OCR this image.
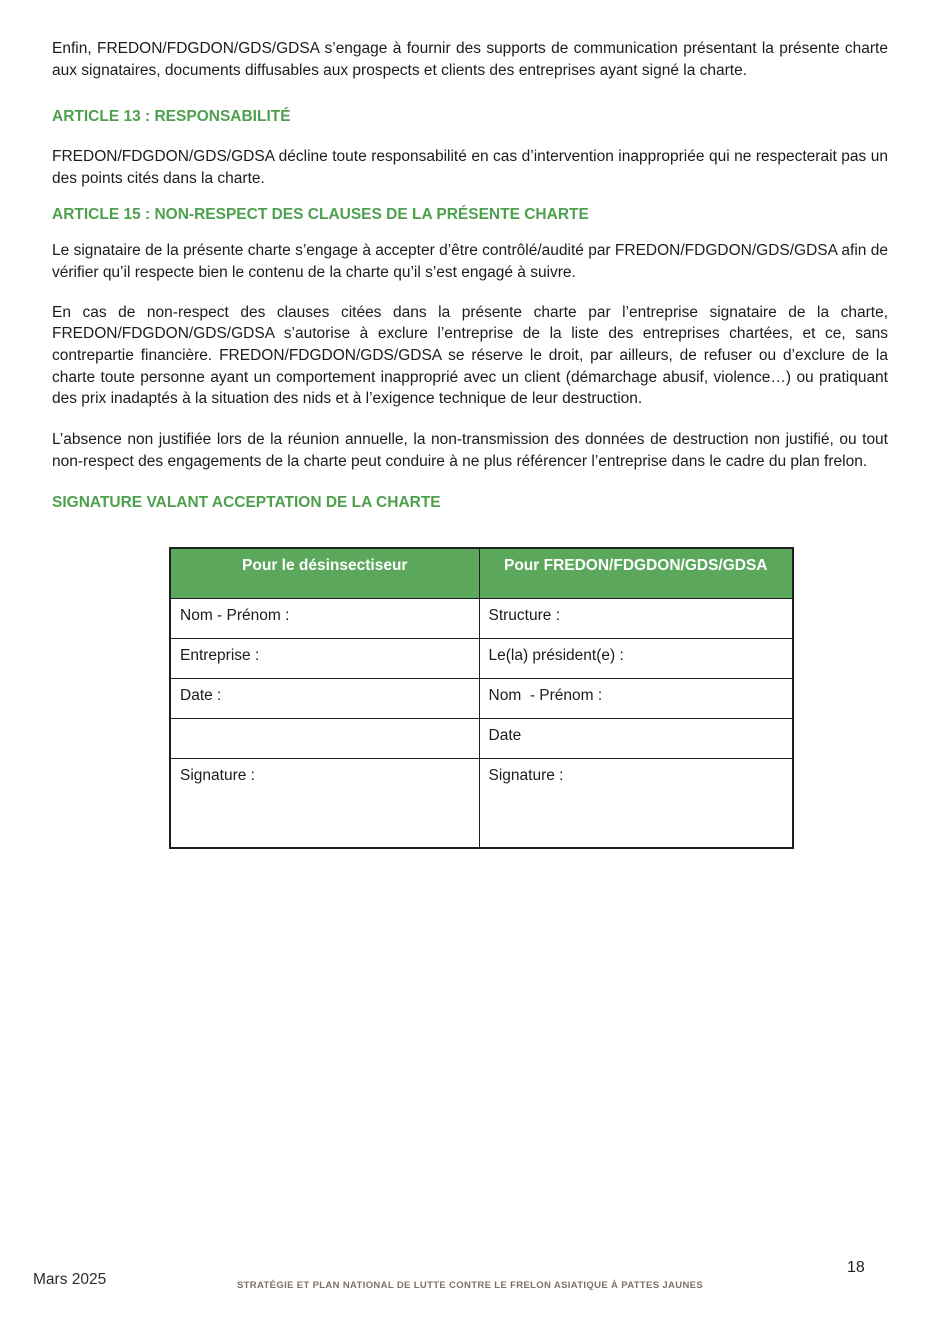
Enfin, FREDON/FDGDON/GDS/GDSA s’engage à fournir des supports de communication présentant la présente charte aux signataires, documents diffusables aux prospects et clients des entreprises ayant signé la charte.

ARTICLE 13 : RESPONSABILITÉ

FREDON/FDGDON/GDS/GDSA décline toute responsabilité en cas d’intervention inappropriée qui ne respecterait pas un des points cités dans la charte.

ARTICLE 15 : NON-RESPECT DES CLAUSES DE LA PRÉSENTE CHARTE

Le signataire de la présente charte s’engage à accepter d’être contrôlé/audité par FREDON/FDGDON/GDS/GDSA afin de vérifier qu’il respecte bien le contenu de la charte qu’il s’est engagé à suivre.

En cas de non-respect des clauses citées dans la présente charte par l’entreprise signataire de la charte, FREDON/FDGDON/GDS/GDSA s’autorise à exclure l’entreprise de la liste des entreprises chartées, et ce, sans contrepartie financière. FREDON/FDGDON/GDS/GDSA se réserve le droit, par ailleurs, de refuser ou d’exclure de la charte toute personne ayant un comportement inapproprié avec un client (démarchage abusif, violence…) ou pratiquant des prix inadaptés à la situation des nids et à l’exigence technique de leur destruction.

L’absence non justifiée lors de la réunion annuelle, la non-transmission des données de destruction non justifié, ou tout non-respect des engagements de la charte peut conduire à ne plus référencer l’entreprise dans le cadre du plan frelon.

SIGNATURE VALANT ACCEPTATION DE LA CHARTE
Pour le désinsectiseur	Pour FREDON/FDGDON/GDS/GDSA
Nom - Prénom :	Structure :
Entreprise :	Le(la) président(e) :
Date :	Nom  - Prénom :
	Date
Signature :	Signature :
Mars 2025	STRATÉGIE ET PLAN NATIONAL DE LUTTE CONTRE LE FRELON ASIATIQUE À PATTES JAUNES
18
